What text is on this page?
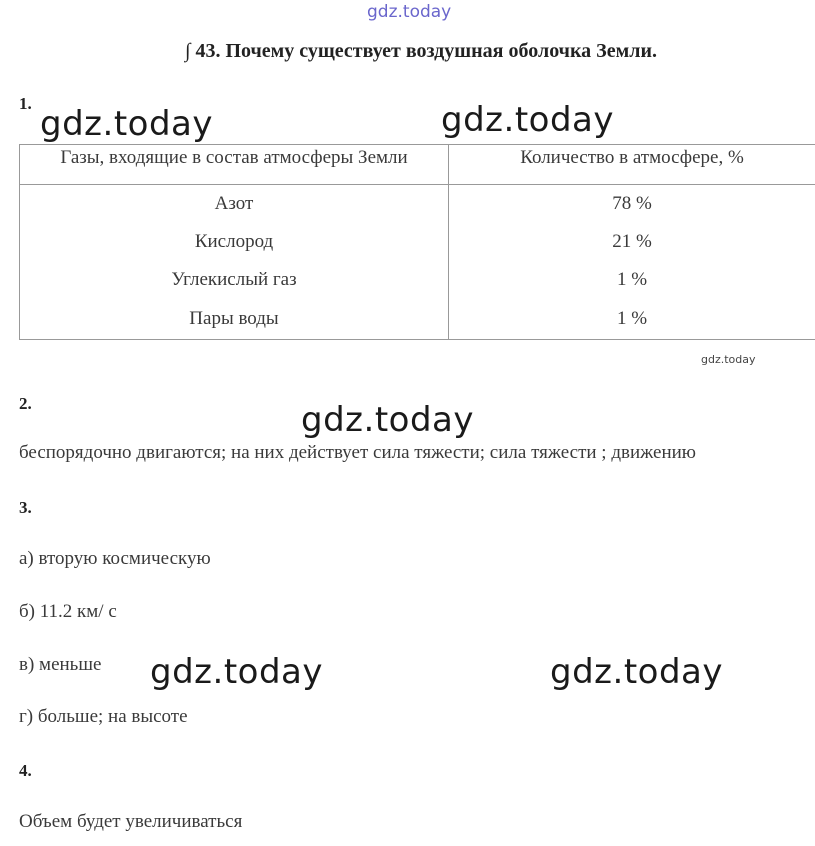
gdz.today
∫ 43. Почему существует воздушная оболочка Земли.
1.
gdz.today	gdz.today
Газы, входящие в состав атмосферы Земли	Количество в атмосфере, %
Азот	78 %
Кислород	21 %
Углекислый газ	1 %
Пары воды	1 %
gdz.today
2.	gdz.today
беспорядочно двигаются; на них действует сила тяжести; сила тяжести ; движению
3.
а) вторую космическую
б) 11.2 км/ с
в) меньше gdz.today	gdz.today
г) больше; на высоте
4.
Объем будет увеличиваться
